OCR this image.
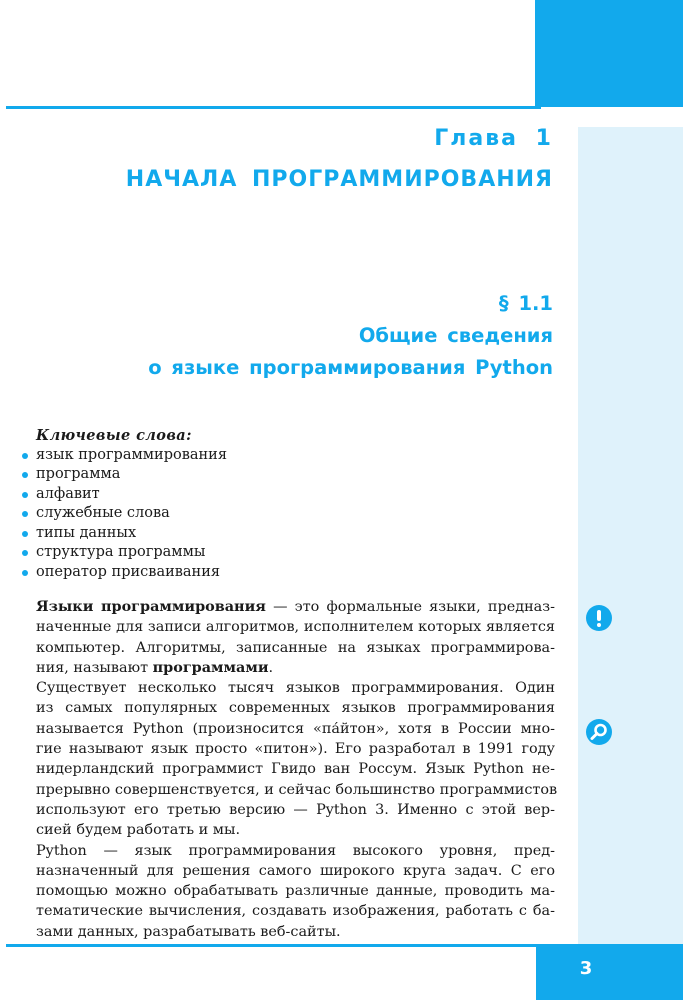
Глава 1
НАЧАЛА ПРОГРАММИРОВАНИЯ
§ 1.1
Общие сведения
о языке программирования Python
Ключевые слова:
язык программирования
программа
алфавит
служебные слова
типы данных
структура программы
оператор присваивания
Языки программирования — это формальные языки, предназ-
наченные для записи алгоритмов, исполнителем которых является
компьютер. Алгоритмы, записанные на языках программирова-
ния, называют программами.
Существует несколько тысяч языков программирования. Один
из самых популярных современных языков программирования
называется Python (произносится «па́йтон», хотя в России мно-
гие называют язык просто «питон»). Его разработал в 1991 году
нидерландский программист Гвидо ван Россум. Язык Python не-
прерывно совершенствуется, и сейчас большинство программистов
используют его третью версию — Python 3. Именно с этой вер-
сией будем работать и мы.
Python — язык программирования высокого уровня, пред-
назначенный для решения самого широкого круга задач. С его
помощью можно обрабатывать различные данные, проводить ма-
тематические вычисления, создавать изображения, работать с ба-
зами данных, разрабатывать веб-сайты.
3
